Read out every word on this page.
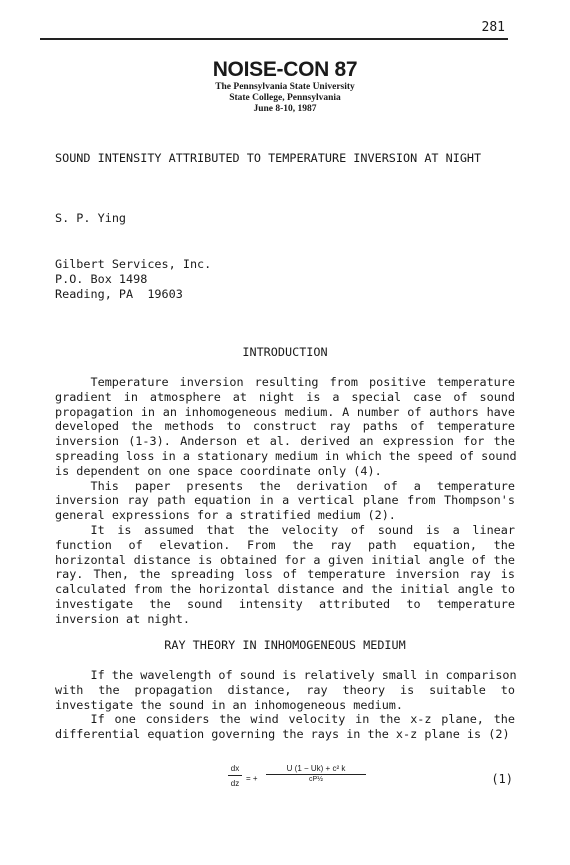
281
NOISE-CON 87
The Pennsylvania State University
State College, Pennsylvania
June 8-10, 1987
SOUND INTENSITY ATTRIBUTED TO TEMPERATURE INVERSION AT NIGHT
S. P. Ying
Gilbert Services, Inc.
P.O. Box 1498
Reading, PA  19603
INTRODUCTION
Temperature inversion resulting from positive temperature
gradient in atmosphere at night is a special case of sound
propagation in an inhomogeneous medium. A number of authors have
developed the methods to construct ray paths of temperature
inversion (1-3). Anderson et al. derived an expression for the
spreading loss in a stationary medium in which the speed of sound
is dependent on one space coordinate only (4).
This paper presents the derivation of a temperature
inversion ray path equation in a vertical plane from Thompson's
general expressions for a stratified medium (2).
It is assumed that the velocity of sound is a linear
function of elevation. From the ray path equation, the
horizontal distance is obtained for a given initial angle of the
ray. Then, the spreading loss of temperature inversion ray is
calculated from the horizontal distance and the initial angle to
investigate the sound intensity attributed to temperature
inversion at night.
RAY THEORY IN INHOMOGENEOUS MEDIUM
If the wavelength of sound is relatively small in comparison
with the propagation distance, ray theory is suitable to
investigate the sound in an inhomogeneous medium.
If one considers the wind velocity in the x-z plane, the
differential equation governing the rays in the x-z plane is (2)
$\frac{dx}{dz}$ = + $\frac{\text{U (1 − Uk) + c² k}}{\text{cP½}}$	(1)
